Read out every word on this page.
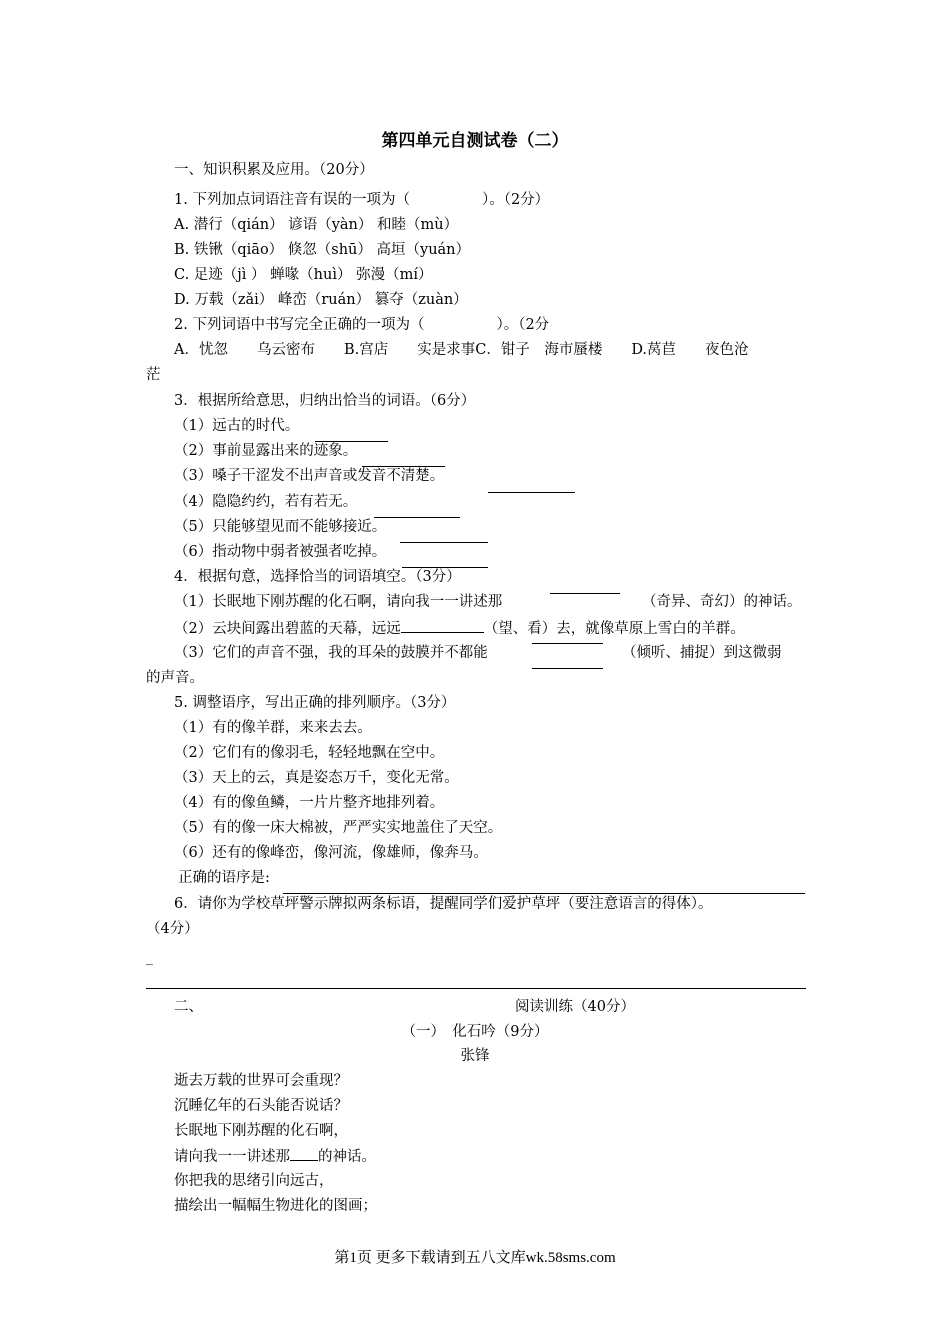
第四单元自测试卷（二）
一、知识积累及应用。（20分）
1. 下列加点词语注音有误的一项为（	）。（2分）
A. 潜行（qián） 谚语（yàn） 和睦（mù）
B. 铁锹（qiāo） 倏忽（shū） 高垣（yuán）
C. 足迹（jì ） 蝉喙（huì） 弥漫（mí）
D. 万载（zǎi） 峰峦（ruán） 篡夺（zuàn）
2. 下列词语中书写完全正确的一项为（	）。（2分
A．忧忽　　乌云密布　　B.宫店　　实是求事C．钳子　海市蜃楼　　D.莴苣　　夜色沧
茫
3．根据所给意思，归纳出恰当的词语。（6分）
（1）远古的时代。
（2）事前显露出来的迹象。
（3）嗓子干涩发不出声音或发音不清楚。
（4）隐隐约约，若有若无。
（5）只能够望见而不能够接近。
（6）指动物中弱者被强者吃掉。
4．根据句意，选择恰当的词语填空。（3分）
（1）长眠地下刚苏醒的化石啊，请向我一一讲述那	（奇异、奇幻）的神话。
（2）云块间露出碧蓝的天幕，远远	（望、看）去，就像草原上雪白的羊群。
（3）它们的声音不强，我的耳朵的鼓膜并不都能	（倾听、捕捉）到这微弱
的声音。
5. 调整语序，写出正确的排列顺序。（3分）
（1）有的像羊群，来来去去。
（2）它们有的像羽毛，轻轻地飘在空中。
（3）天上的云，真是姿态万千，变化无常。
（4）有的像鱼鳞，一片片整齐地排列着。
（5）有的像一床大棉被，严严实实地盖住了天空。
（6）还有的像峰峦，像河流，像雄师，像奔马。
正确的语序是:
6．请你为学校草坪警示牌拟两条标语，提醒同学们爱护草坪（要注意语言的得体）。
（4分）
_
二、	阅读训练（40分）
（一）　化石吟（9分）
张锋
逝去万载的世界可会重现？
沉睡亿年的石头能否说话？
长眠地下刚苏醒的化石啊，
请向我一一讲述那 的神话。
你把我的思绪引向远古，
描绘出一幅幅生物进化的图画；
第1页 更多下载请到五八文库wk.58sms.com
